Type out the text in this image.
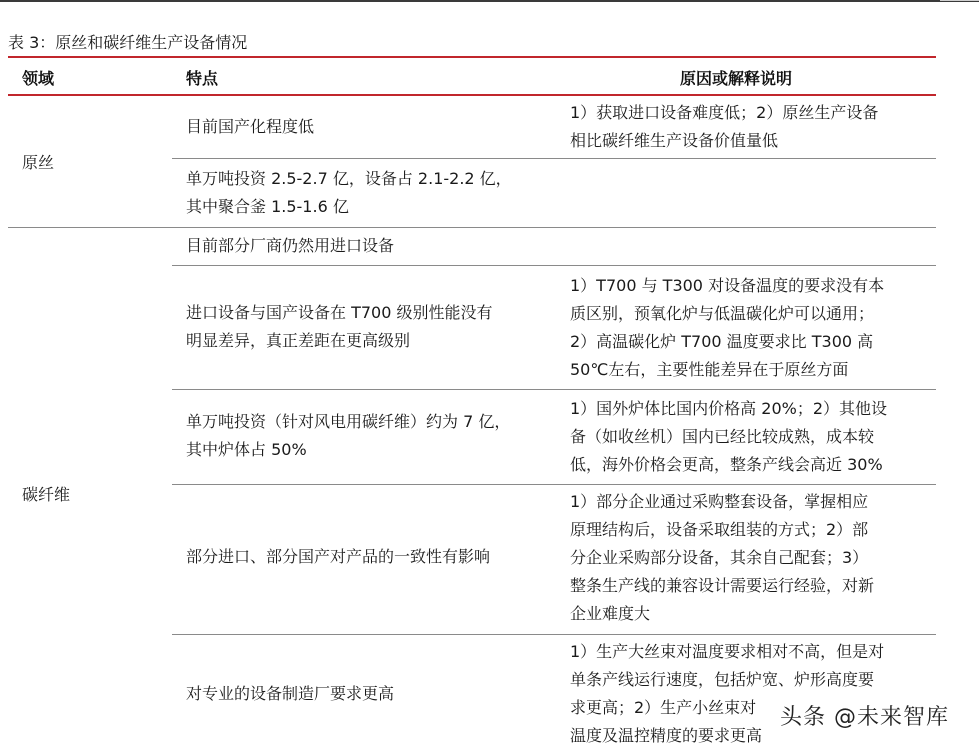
表 3：原丝和碳纤维生产设备情况
领域	特点	原因或解释说明
原丝
碳纤维
目前国产化程度低
1）获取进口设备难度低；2）原丝生产设备
相比碳纤维生产设备价值量低
单万吨投资 2.5-2.7 亿，设备占 2.1-2.2 亿，
其中聚合釜 1.5-1.6 亿
目前部分厂商仍然用进口设备
进口设备与国产设备在 T700 级别性能没有
明显差异，真正差距在更高级别
1）T700 与 T300 对设备温度的要求没有本
质区别，预氧化炉与低温碳化炉可以通用；
2）高温碳化炉 T700 温度要求比 T300 高
50℃左右，主要性能差异在于原丝方面
单万吨投资（针对风电用碳纤维）约为 7 亿，
其中炉体占 50%
1）国外炉体比国内价格高 20%；2）其他设
备（如收丝机）国内已经比较成熟，成本较
低，海外价格会更高，整条产线会高近 30%
部分进口、部分国产对产品的一致性有影响
1）部分企业通过采购整套设备，掌握相应
原理结构后，设备采取组装的方式；2）部
分企业采购部分设备，其余自己配套；3）
整条生产线的兼容设计需要运行经验，对新
企业难度大
对专业的设备制造厂要求更高
1）生产大丝束对温度要求相对不高，但是对
单条产线运行速度，包括炉宽、炉形高度要
求更高；2）生产小丝束对
温度及温控精度的要求更高
头条 @未来智库
